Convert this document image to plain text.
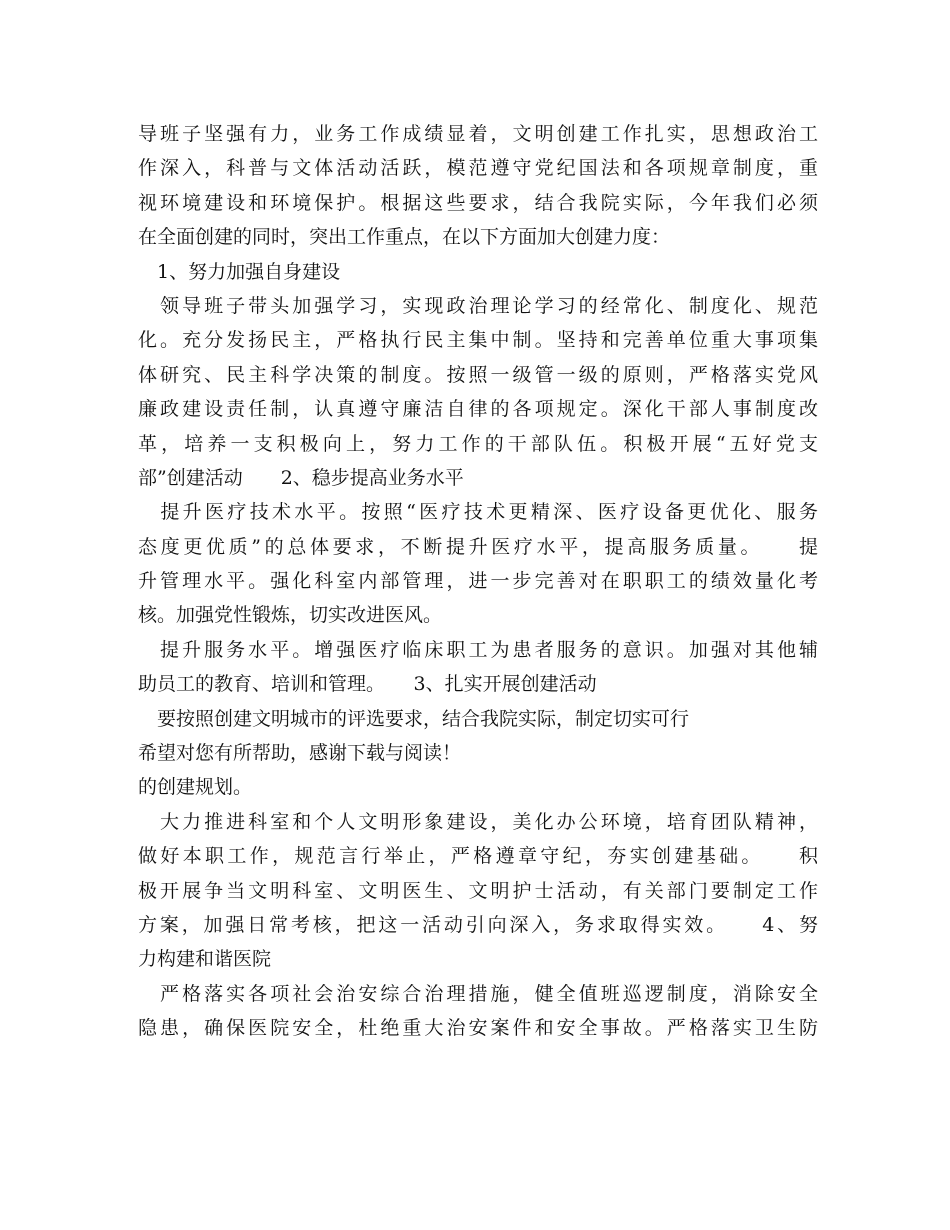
导班子坚强有力，业务工作成绩显着，文明创建工作扎实，思想政治工
作深入，科普与文体活动活跃，模范遵守党纪国法和各项规章制度，重
视环境建设和环境保护。根据这些要求，结合我院实际，今年我们必须
在全面创建的同时，突出工作重点，在以下方面加大创建力度：
　1、努力加强自身建设
　领导班子带头加强学习，实现政治理论学习的经常化、制度化、规范
化。充分发扬民主，严格执行民主集中制。坚持和完善单位重大事项集
体研究、民主科学决策的制度。按照一级管一级的原则，严格落实党风
廉政建设责任制，认真遵守廉洁自律的各项规定。深化干部人事制度改
革，培养一支积极向上，努力工作的干部队伍。积极开展“五好党支
部”创建活动　　2、稳步提高业务水平
　提升医疗技术水平。按照“医疗技术更精深、医疗设备更优化、服务
态度更优质”的总体要求，不断提升医疗水平，提高服务质量。　　提
升管理水平。强化科室内部管理，进一步完善对在职职工的绩效量化考
核。加强党性锻炼，切实改进医风。
　提升服务水平。增强医疗临床职工为患者服务的意识。加强对其他辅
助员工的教育、培训和管理。　　3、扎实开展创建活动
　要按照创建文明城市的评选要求，结合我院实际，制定切实可行
希望对您有所帮助，感谢下载与阅读！
的创建规划。
　大力推进科室和个人文明形象建设，美化办公环境，培育团队精神，
做好本职工作，规范言行举止，严格遵章守纪，夯实创建基础。　　积
极开展争当文明科室、文明医生、文明护士活动，有关部门要制定工作
方案，加强日常考核，把这一活动引向深入，务求取得实效。　　4、努
力构建和谐医院
　严格落实各项社会治安综合治理措施，健全值班巡逻制度，消除安全
隐患，确保医院安全，杜绝重大治安案件和安全事故。严格落实卫生防
